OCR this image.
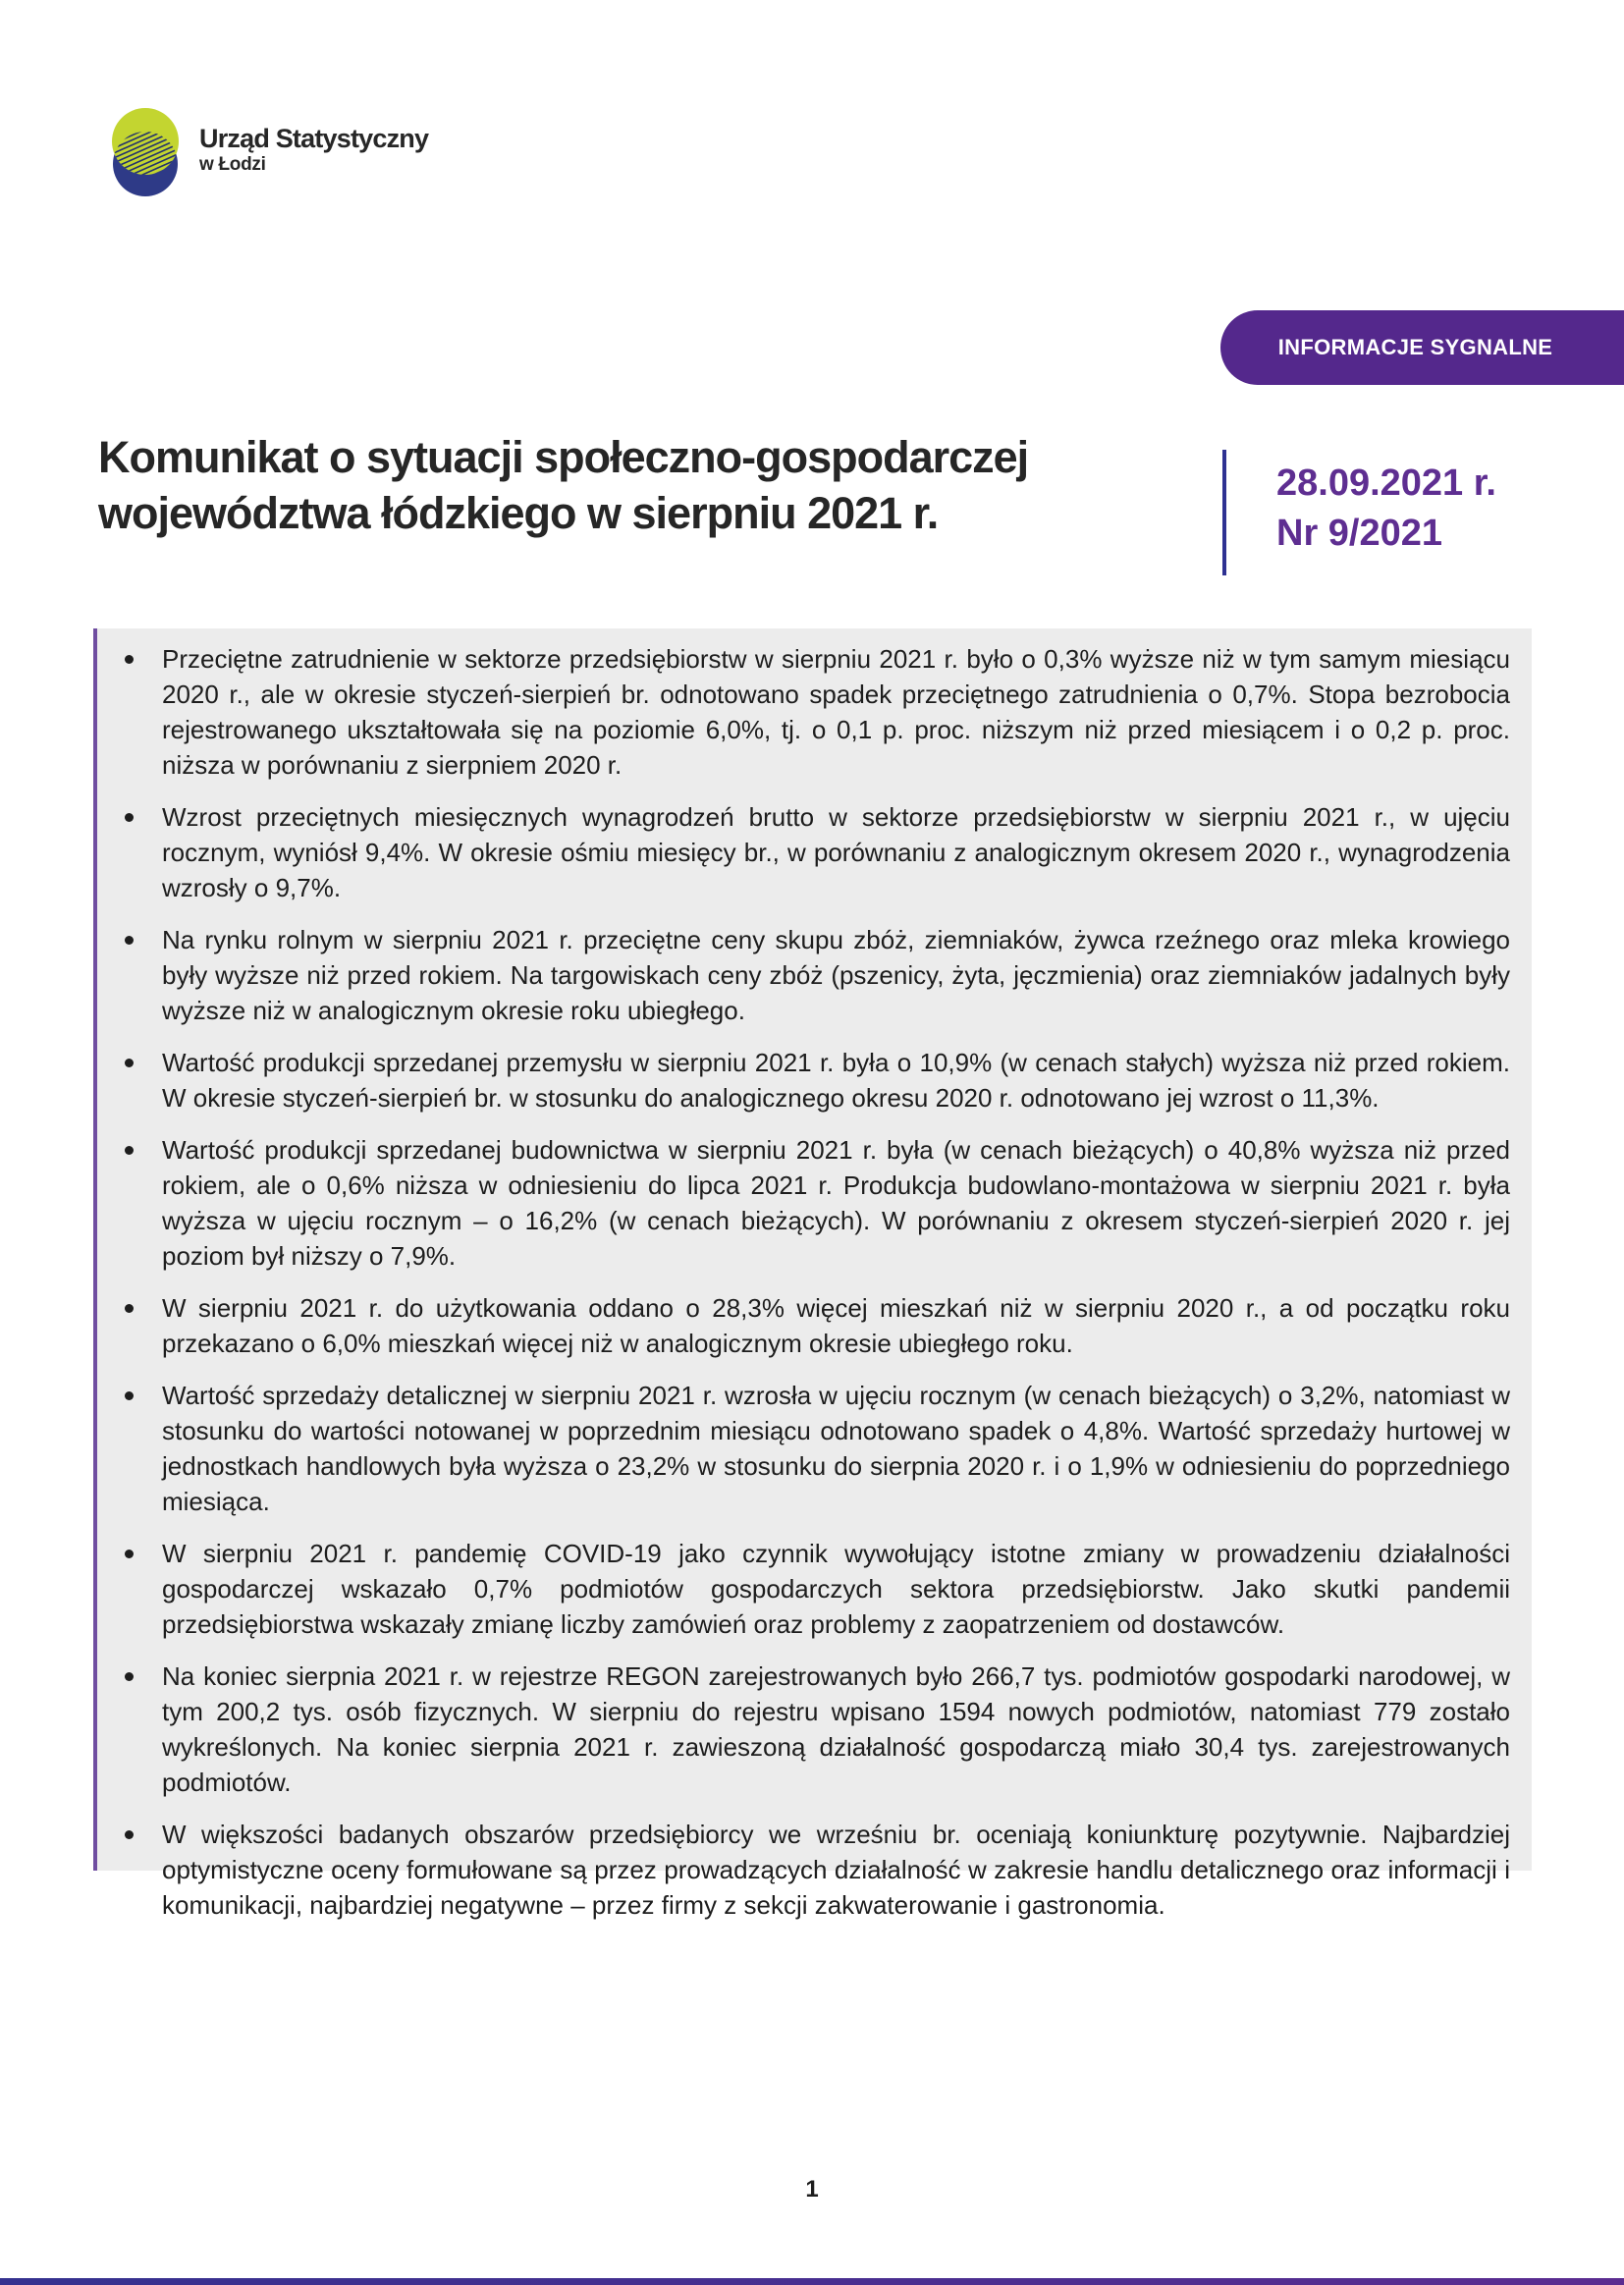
Urząd Statystyczny
w Łodzi
INFORMACJE SYGNALNE
Komunikat o sytuacji społeczno-gospodarczej
województwa łódzkiego w sierpniu 2021 r.
28.09.2021 r.
Nr 9/2021
Przeciętne zatrudnienie w sektorze przedsiębiorstw w sierpniu 2021 r. było o 0,3% wyższe niż w tym samym miesiącu 2020 r., ale w okresie styczeń-sierpień br. odnotowano spadek przeciętnego zatrudnienia o 0,7%. Stopa bezrobocia rejestrowanego ukształtowała się na poziomie 6,0%, tj. o 0,1 p. proc. niższym niż przed miesiącem i o 0,2 p. proc. niższa w porównaniu z sierpniem 2020 r.
Wzrost przeciętnych miesięcznych wynagrodzeń brutto w sektorze przedsiębiorstw w sierpniu 2021 r., w ujęciu rocznym, wyniósł 9,4%. W okresie ośmiu miesięcy br., w porównaniu z analogicznym okresem 2020 r., wynagrodzenia wzrosły o 9,7%.
Na rynku rolnym w sierpniu 2021 r. przeciętne ceny skupu zbóż, ziemniaków, żywca rzeźnego oraz mleka krowiego były wyższe niż przed rokiem. Na targowiskach ceny zbóż (pszenicy, żyta, jęczmienia) oraz ziemniaków jadalnych były wyższe niż w analogicznym okresie roku ubiegłego.
Wartość produkcji sprzedanej przemysłu w sierpniu 2021 r. była o 10,9% (w cenach stałych) wyższa niż przed rokiem. W okresie styczeń-sierpień br. w stosunku do analogicznego okresu 2020 r. odnotowano jej wzrost o 11,3%.
Wartość produkcji sprzedanej budownictwa w sierpniu 2021 r. była (w cenach bieżących) o 40,8% wyższa niż przed rokiem, ale o 0,6% niższa w odniesieniu do lipca 2021 r. Produkcja budowlano-montażowa w sierpniu 2021 r. była wyższa w ujęciu rocznym – o 16,2% (w cenach bieżących). W porównaniu z okresem styczeń-sierpień 2020 r. jej poziom był niższy o 7,9%.
W sierpniu 2021 r. do użytkowania oddano o 28,3% więcej mieszkań niż w sierpniu 2020 r., a od początku roku przekazano o 6,0% mieszkań więcej niż w analogicznym okresie ubiegłego roku.
Wartość sprzedaży detalicznej w sierpniu 2021 r. wzrosła w ujęciu rocznym (w cenach bieżących) o 3,2%, natomiast w stosunku do wartości notowanej w poprzednim miesiącu odnotowano spadek o 4,8%. Wartość sprzedaży hurtowej w jednostkach handlowych była wyższa o 23,2% w stosunku do sierpnia 2020 r. i o 1,9% w odniesieniu do poprzedniego miesiąca.
W sierpniu 2021 r. pandemię COVID-19 jako czynnik wywołujący istotne zmiany w prowadzeniu działalności gospodarczej wskazało 0,7% podmiotów gospodarczych sektora przedsiębiorstw. Jako skutki pandemii przedsiębiorstwa wskazały zmianę liczby zamówień oraz problemy z zaopatrzeniem od dostawców.
Na koniec sierpnia 2021 r. w rejestrze REGON zarejestrowanych było 266,7 tys. podmiotów gospodarki narodowej, w tym 200,2 tys. osób fizycznych. W sierpniu do rejestru wpisano 1594 nowych podmiotów, natomiast 779 zostało wykreślonych. Na koniec sierpnia 2021 r. zawieszoną działalność gospodarczą miało 30,4 tys. zarejestrowanych podmiotów.
W większości badanych obszarów przedsiębiorcy we wrześniu br. oceniają koniunkturę pozytywnie. Najbardziej optymistyczne oceny formułowane są przez prowadzących działalność w zakresie handlu detalicznego oraz informacji i komunikacji, najbardziej negatywne – przez firmy z sekcji zakwaterowanie i gastronomia.
1
